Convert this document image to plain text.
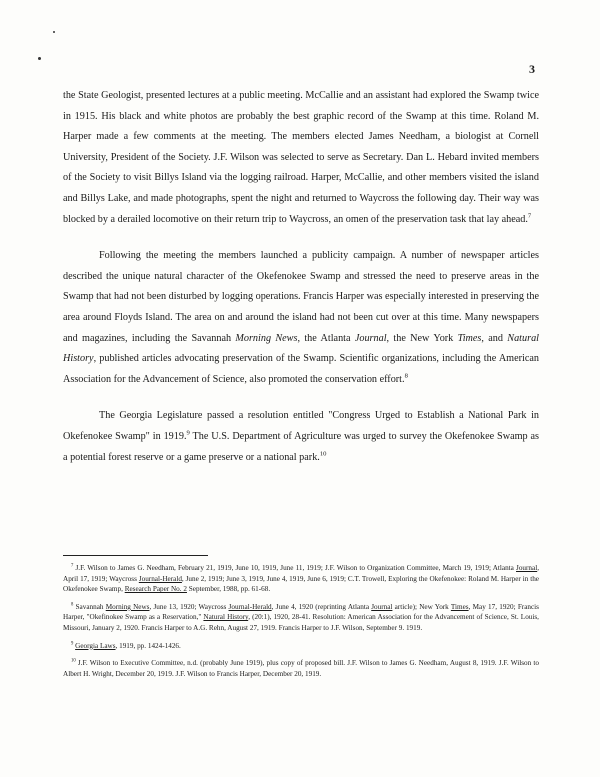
3

the State Geologist, presented lectures at a public meeting. McCallie and an assistant had explored the Swamp twice in 1915. His black and white photos are probably the best graphic record of the Swamp at this time. Roland M. Harper made a few comments at the meeting. The members elected James Needham, a biologist at Cornell University, President of the Society. J.F. Wilson was selected to serve as Secretary. Dan L. Hebard invited members of the Society to visit Billys Island via the logging railroad. Harper, McCallie, and other members visited the island and Billys Lake, and made photographs, spent the night and returned to Waycross the following day. Their way was blocked by a derailed locomotive on their return trip to Waycross, an omen of the preservation task that lay ahead.$^7$

Following the meeting the members launched a publicity campaign. A number of newspaper articles described the unique natural character of the Okefenokee Swamp and stressed the need to preserve areas in the Swamp that had not been disturbed by logging operations. Francis Harper was especially interested in preserving the area around Floyds Island. The area on and around the island had not been cut over at this time. Many newspapers and magazines, including the Savannah Morning News, the Atlanta Journal, the New York Times, and Natural History, published articles advocating preservation of the Swamp. Scientific organizations, including the American Association for the Advancement of Science, also promoted the conservation effort.$^8$

The Georgia Legislature passed a resolution entitled "Congress Urged to Establish a National Park in Okefenokee Swamp" in 1919.$^9$ The U.S. Department of Agriculture was urged to survey the Okefenokee Swamp as a potential forest reserve or a game preserve or a national park.$^{10}$

$^7$ J.F. Wilson to James G. Needham, February 21, 1919, June 10, 1919, June 11, 1919; J.F. Wilson to Organization Committee, March 19, 1919; Atlanta Journal, April 17, 1919; Waycross Journal-Herald, June 2, 1919; June 3, 1919, June 4, 1919, June 6, 1919; C.T. Trowell, Exploring the Okefenokee: Roland M. Harper in the Okefenokee Swamp, Research Paper No. 2 September, 1988, pp. 61-68.

$^8$ Savannah Morning News, June 13, 1920; Waycross Journal-Herald, June 4, 1920 (reprinting Atlanta Journal article); New York Times, May 17, 1920; Francis Harper, "Okefinokee Swamp as a Reservation," Natural History, (20:1), 1920, 28-41. Resolution: American Association for the Advancement of Science, St. Louis, Missouri, January 2, 1920. Francis Harper to A.G. Rehn, August 27, 1919. Francis Harper to J.F. Wilson, September 9. 1919.

$^9$ Georgia Laws, 1919, pp. 1424-1426.

$^{10}$ J.F. Wilson to Executive Committee, n.d. (probably June 1919), plus copy of proposed bill. J.F. Wilson to James G. Needham, August 8, 1919. J.F. Wilson to Albert H. Wright, December 20, 1919. J.F. Wilson to Francis Harper, December 20, 1919.
